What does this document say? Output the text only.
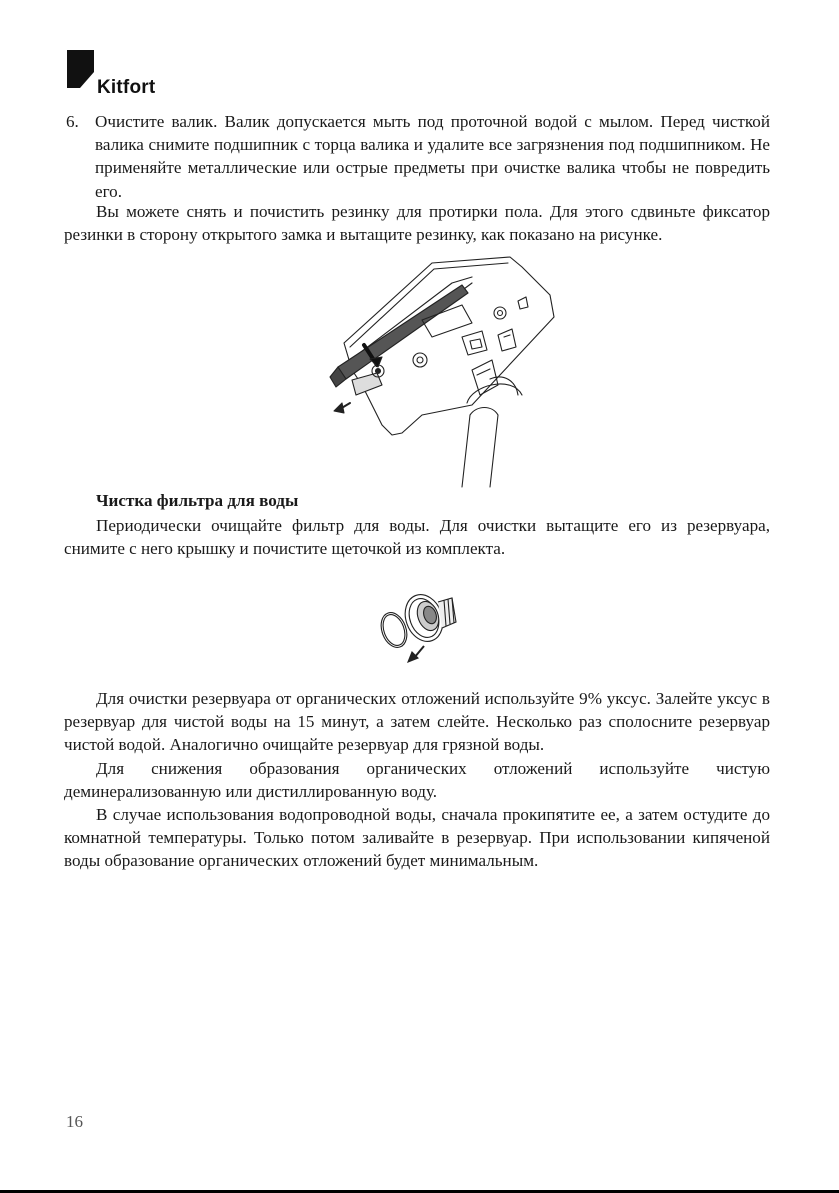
Kitfort
6. Очистите валик. Валик допускается мыть под проточной водой с мылом. Перед чисткой валика снимите подшипник с торца валика и удалите все загрязнения под подшипником. Не применяйте металлические или острые предметы при очистке валика чтобы не повредить его.

Вы можете снять и почистить резинку для протирки пола. Для этого сдвиньте фиксатор резинки в сторону открытого замка и вытащите резинку, как показано на рисунке.

Чистка фильтра для воды

Периодически очищайте фильтр для воды. Для очистки вытащите его из резервуара, снимите с него крышку и почистите щеточкой из комплекта.

Для очистки резервуара от органических отложений используйте 9% уксус. Залейте уксус в резервуар для чистой воды на 15 минут, а затем слейте. Несколько раз сполосните резервуар чистой водой. Аналогично очищайте резервуар для грязной воды.

Для снижения образования органических отложений используйте чистую деминерализованную или дистиллированную воду.

В случае использования водопроводной воды, сначала прокипятите ее, а затем остудите до комнатной температуры. Только потом заливайте в резервуар. При использовании кипяченой воды образование органических отложений будет минимальным.

16
